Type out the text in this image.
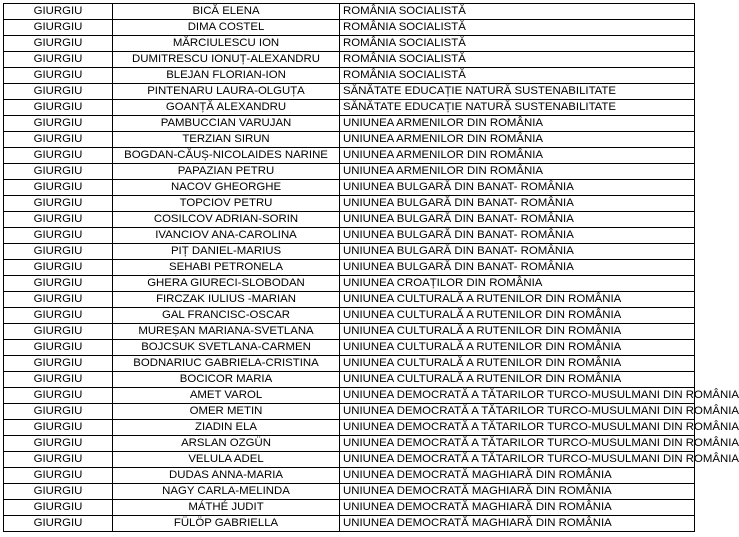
GIURGIU	BICĂ ELENA	ROMÂNIA SOCIALISTĂ
GIURGIU	DIMA COSTEL	ROMÂNIA SOCIALISTĂ
GIURGIU	MĂRCIULESCU ION	ROMÂNIA SOCIALISTĂ
GIURGIU	DUMITRESCU IONUȚ-ALEXANDRU	ROMÂNIA SOCIALISTĂ
GIURGIU	BLEJAN FLORIAN-ION	ROMÂNIA SOCIALISTĂ
GIURGIU	PINTENARU LAURA-OLGUȚA	SĂNĂTATE EDUCAȚIE NATURĂ SUSTENABILITATE
GIURGIU	GOANȚĂ ALEXANDRU	SĂNĂTATE EDUCAȚIE NATURĂ SUSTENABILITATE
GIURGIU	PAMBUCCIAN VARUJAN	UNIUNEA ARMENILOR DIN ROMÂNIA
GIURGIU	TERZIAN SIRUN	UNIUNEA ARMENILOR DIN ROMÂNIA
GIURGIU	BOGDAN-CĂUȘ-NICOLAIDES NARINE	UNIUNEA ARMENILOR DIN ROMÂNIA
GIURGIU	PAPAZIAN PETRU	UNIUNEA ARMENILOR DIN ROMÂNIA
GIURGIU	NACOV GHEORGHE	UNIUNEA BULGARĂ DIN BANAT- ROMÂNIA
GIURGIU	TOPCIOV PETRU	UNIUNEA BULGARĂ DIN BANAT- ROMÂNIA
GIURGIU	COSILCOV ADRIAN-SORIN	UNIUNEA BULGARĂ DIN BANAT- ROMÂNIA
GIURGIU	IVANCIOV ANA-CAROLINA	UNIUNEA BULGARĂ DIN BANAT- ROMÂNIA
GIURGIU	PIȚ DANIEL-MARIUS	UNIUNEA BULGARĂ DIN BANAT- ROMÂNIA
GIURGIU	SEHABI PETRONELA	UNIUNEA BULGARĂ DIN BANAT- ROMÂNIA
GIURGIU	GHERA GIURECI-SLOBODAN	UNIUNEA CROAȚILOR DIN ROMÂNIA
GIURGIU	FIRCZAK IULIUS -MARIAN	UNIUNEA CULTURALĂ A RUTENILOR DIN ROMÂNIA
GIURGIU	GAL FRANCISC-OSCAR	UNIUNEA CULTURALĂ A RUTENILOR DIN ROMÂNIA
GIURGIU	MUREȘAN MARIANA-SVETLANA	UNIUNEA CULTURALĂ A RUTENILOR DIN ROMÂNIA
GIURGIU	BOJCSUK SVETLANA-CARMEN	UNIUNEA CULTURALĂ A RUTENILOR DIN ROMÂNIA
GIURGIU	BODNARIUC GABRIELA-CRISTINA	UNIUNEA CULTURALĂ A RUTENILOR DIN ROMÂNIA
GIURGIU	BOCICOR MARIA	UNIUNEA CULTURALĂ A RUTENILOR DIN ROMÂNIA
GIURGIU	AMET VAROL	UNIUNEA DEMOCRATĂ A TĂTARILOR TURCO-MUSULMANI DIN ROMÂNIA
GIURGIU	OMER METIN	UNIUNEA DEMOCRATĂ A TĂTARILOR TURCO-MUSULMANI DIN ROMÂNIA
GIURGIU	ZIADIN ELA	UNIUNEA DEMOCRATĂ A TĂTARILOR TURCO-MUSULMANI DIN ROMÂNIA
GIURGIU	ARSLAN OZGÜN	UNIUNEA DEMOCRATĂ A TĂTARILOR TURCO-MUSULMANI DIN ROMÂNIA
GIURGIU	VELULA ADEL	UNIUNEA DEMOCRATĂ A TĂTARILOR TURCO-MUSULMANI DIN ROMÂNIA
GIURGIU	DUDAS ANNA-MARIA	UNIUNEA DEMOCRATĂ MAGHIARĂ DIN ROMÂNIA
GIURGIU	NAGY CARLA-MELINDA	UNIUNEA DEMOCRATĂ MAGHIARĂ DIN ROMÂNIA
GIURGIU	MÁTHÉ JUDIT	UNIUNEA DEMOCRATĂ MAGHIARĂ DIN ROMÂNIA
GIURGIU	FÜLÖP GABRIELLA	UNIUNEA DEMOCRATĂ MAGHIARĂ DIN ROMÂNIA
